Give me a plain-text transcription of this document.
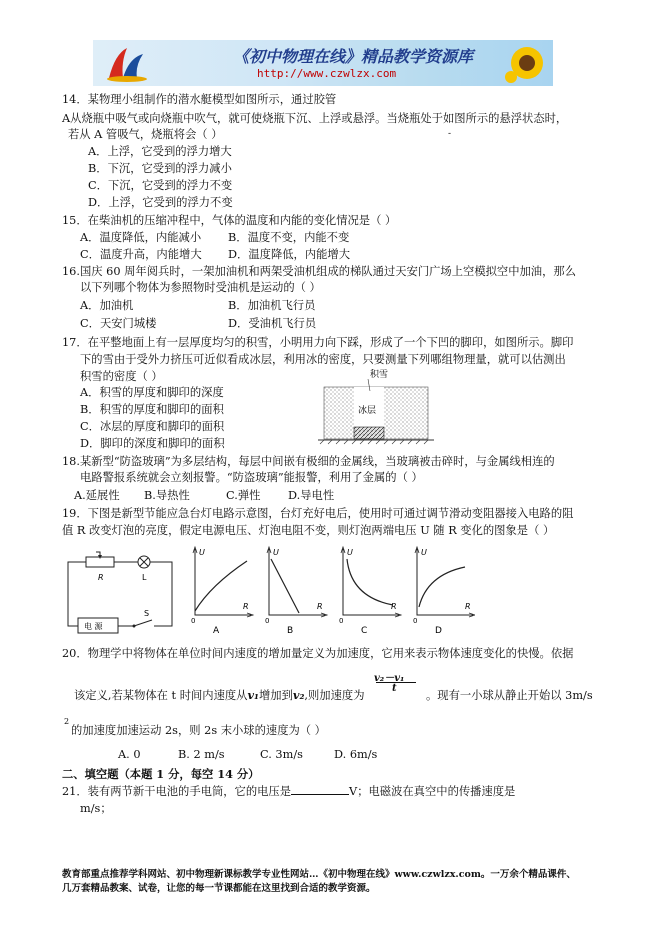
《初中物理在线》精品教学资源库
http://www.czwlzx.com
14．某物理小组制作的潜水艇模型如图所示，通过胶管
A从烧瓶中吸气或向烧瓶中吹气，就可使烧瓶下沉、上浮或悬浮。当烧瓶处于如图所示的悬浮状态时，
若从 A 管吸气，烧瓶将会（ ）	-
A．上浮，它受到的浮力增大
B．下沉，它受到的浮力减小
C．下沉，它受到的浮力不变
D．上浮，它受到的浮力不变
15．在柴油机的压缩冲程中，气体的温度和内能的变化情况是（ ）
A．温度降低，内能减小 B．温度不变，内能不变
C．温度升高，内能增大 D．温度降低，内能增大
16.国庆 60 周年阅兵时，一架加油机和两架受油机组成的梯队通过天安门广场上空模拟空中加油，那么
以下列哪个物体为参照物时受油机是运动的（ ）
A．加油机	B．加油机飞行员
C．天安门城楼	D．受油机飞行员
17．在平整地面上有一层厚度均匀的积雪，小明用力向下踩，形成了一个下凹的脚印，如图所示。脚印
下的雪由于受外力挤压可近似看成冰层，利用冰的密度，只要测量下列哪组物理量，就可以估测出
积雪的密度（ ）
A．积雪的厚度和脚印的深度
B．积雪的厚度和脚印的面积
C．冰层的厚度和脚印的面积
D．脚印的深度和脚印的面积
积雪
冰层
18.某新型“防盗玻璃”为多层结构，每层中间嵌有极细的金属线，当玻璃被击碎时，与金属线相连的
电路警报系统就会立刻报警。“防盗玻璃”能报警，利用了金属的（ ）
A.延展性 B.导热性	C.弹性 D.导电性
19．下图是新型节能应急台灯电路示意图，台灯充好电后，使用时可通过调节滑动变阻器接入电路的阻
值 R 改变灯泡的亮度，假定电源电压、灯泡电阻不变，则灯泡两端电压 U 随 R 变化的图象是（ ）
R	L
S
电 源
U
R
0
A
U
R
0
B
U
R
0
C
U
R
0
D
20．物理学中将物体在单位时间内速度的增加量定义为加速度，它用来表示物体速度变化的快慢。依据
v₂－v₁
t
该定义,若某物体在 t 时间内速度从v₁增加到v₂,则加速度为	。现有一小球从静止开始以 3m/s
2
的加速度加速运动 2s，则 2s 末小球的速度为（ ）
A. 0	B. 2 m/s	C. 3m/s	D. 6m/s
二、填空题（本题 1 分，每空 14 分）
21．装有两节新干电池的手电筒，它的电压是	V；电磁波在真空中的传播速度是
m/s；
教育部重点推荐学科网站、初中物理新课标教学专业性网站…《初中物理在线》www.czwlzx.com。一万余个精品课件、
几万套精品教案、试卷，让您的每一节课都能在这里找到合适的教学资源。
